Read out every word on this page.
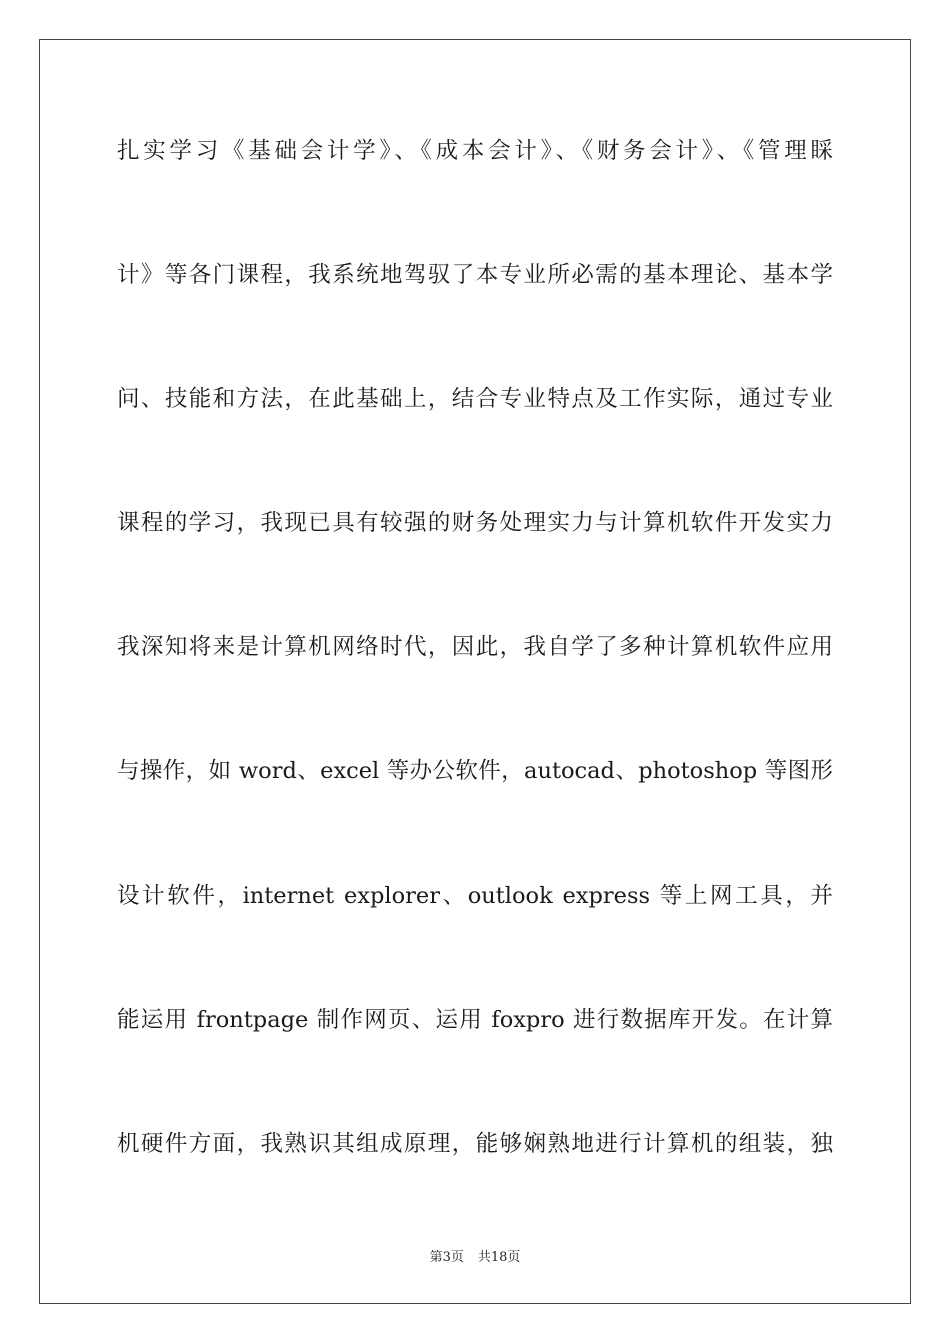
扎实学习《基础会计学》、《成本会计》、《财务会计》、《管理睬
计》等各门课程，我系统地驾驭了本专业所必需的基本理论、基本学
问、技能和方法，在此基础上，结合专业特点及工作实际，通过专业
课程的学习，我现已具有较强的财务处理实力与计算机软件开发实力
我深知将来是计算机网络时代，因此，我自学了多种计算机软件应用
与操作，如 word、excel 等办公软件，autocad、photoshop 等图形
设计软件，internet explorer、outlook express 等上网工具，并
能运用 frontpage 制作网页、运用 foxpro 进行数据库开发。在计算
机硬件方面，我熟识其组成原理，能够娴熟地进行计算机的组装，独
第3页 共18页
